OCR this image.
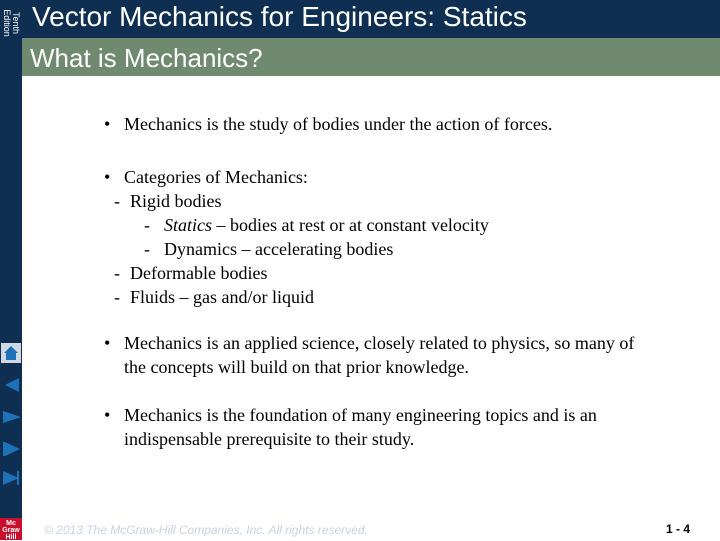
Tenth Edition Vector Mechanics for Engineers: Statics
What is Mechanics?
• Mechanics is the study of bodies under the action of forces.
• Categories of Mechanics:
- Rigid bodies
- Statics – bodies at rest or at constant velocity
- Dynamics – accelerating bodies
- Deformable bodies
- Fluids – gas and/or liquid
• Mechanics is an applied science, closely related to physics, so many of the concepts will build on that prior knowledge.
• Mechanics is the foundation of many engineering topics and is an indispensable prerequisite to their study.
Mc
Graw
Hill
© 2013 The McGraw-Hill Companies, Inc. All rights reserved.	1 - 4
